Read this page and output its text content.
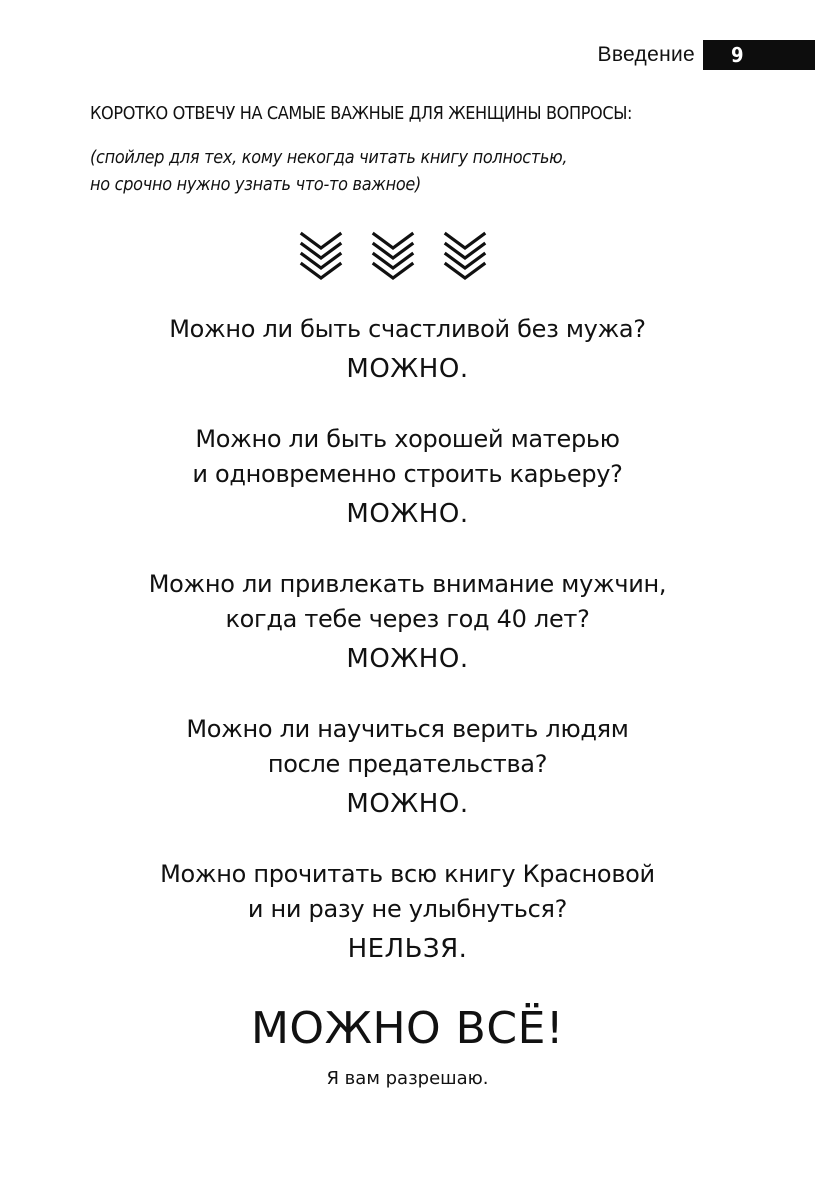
Введение	9
КОРОТКО ОТВЕЧУ НА САМЫЕ ВАЖНЫЕ ДЛЯ ЖЕНЩИНЫ ВОПРОСЫ:
(спойлер для тех, кому некогда читать книгу полностью,
но срочно нужно узнать что-то важное)
Можно ли быть счастливой без мужа?
МОЖНО.
Можно ли быть хорошей матерью
и одновременно строить карьеру?
МОЖНО.
Можно ли привлекать внимание мужчин,
когда тебе через год 40 лет?
МОЖНО.
Можно ли научиться верить людям
после предательства?
МОЖНО.
Можно прочитать всю книгу Красновой
и ни разу не улыбнуться?
НЕЛЬЗЯ.
МОЖНО ВСЁ!
Я вам разрешаю.
